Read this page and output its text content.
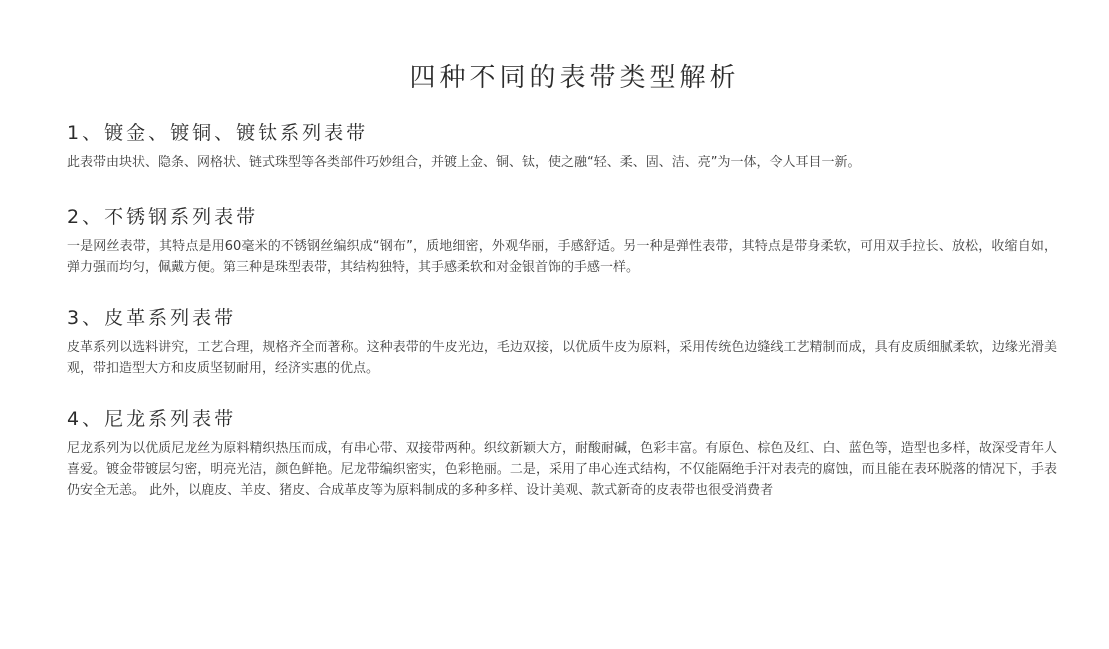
四种不同的表带类型解析
1、镀金、镀铜、镀钛系列表带

此表带由块状、隐条、网格状、链式珠型等各类部件巧妙组合，并镀上金、铜、钛，使之融“轻、柔、固、洁、亮”为一体，令人耳目一新。

2、不锈钢系列表带

一是网丝表带，其特点是用60毫米的不锈钢丝编织成“钢布”，质地细密，外观华丽，手感舒适。另一种是弹性表带，其特点是带身柔软，可用双手拉长、放松，收缩自如，弹力强而均匀，佩戴方便。第三种是珠型表带，其结构独特，其手感柔软和对金银首饰的手感一样。

3、皮革系列表带

皮革系列以选料讲究，工艺合理，规格齐全而著称。这种表带的牛皮光边，毛边双接，以优质牛皮为原料，采用传统色边缝线工艺精制而成，具有皮质细腻柔软，边缘光滑美观，带扣造型大方和皮质坚韧耐用，经济实惠的优点。

4、尼龙系列表带

尼龙系列为以优质尼龙丝为原料精织热压而成，有串心带、双接带两种。织纹新颖大方，耐酸耐碱，色彩丰富。有原色、棕色及红、白、蓝色等，造型也多样，故深受青年人喜爱。镀金带镀层匀密，明亮光洁，颜色鲜艳。尼龙带编织密实，色彩艳丽。二是，采用了串心连式结构，不仅能隔绝手汗对表壳的腐蚀，而且能在表环脱落的情况下，手表仍安全无恙。 此外，以鹿皮、羊皮、猪皮、合成革皮等为原料制成的多种多样、设计美观、款式新奇的皮表带也很受消费者
